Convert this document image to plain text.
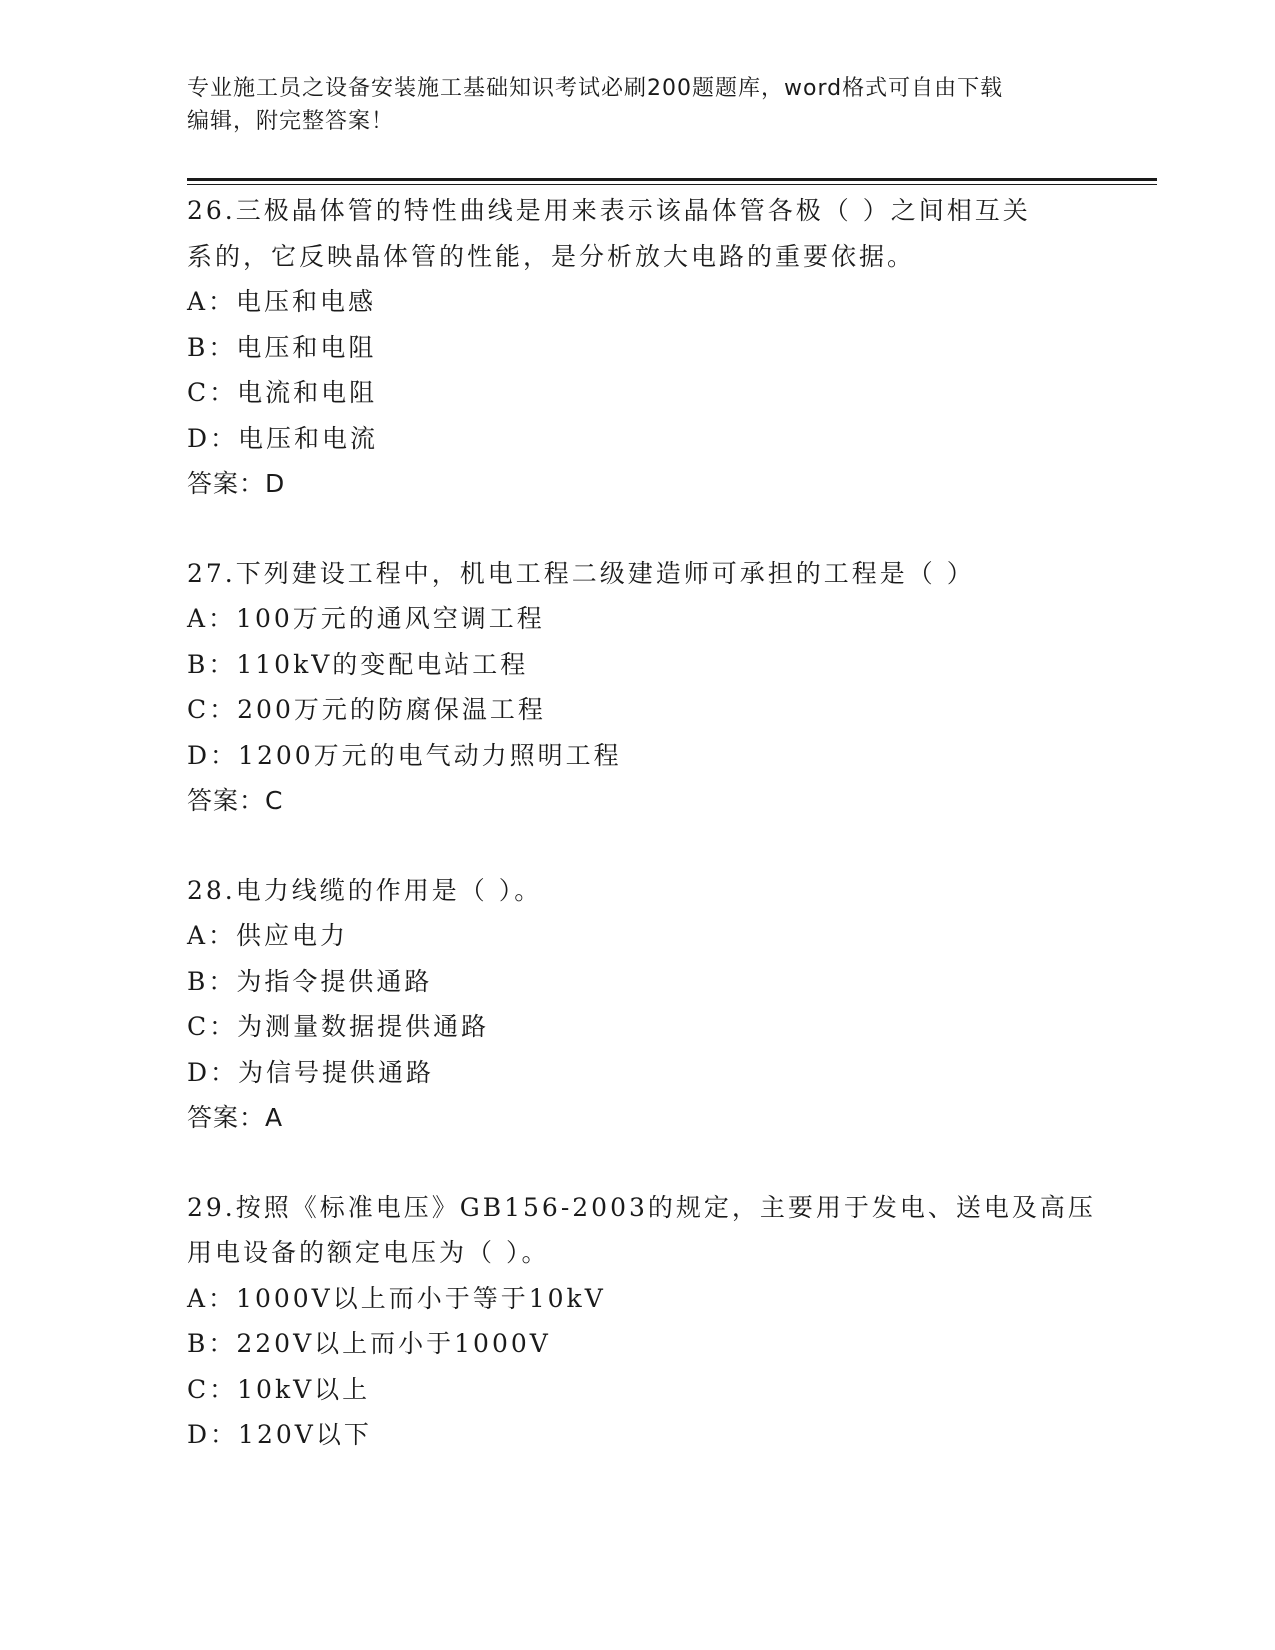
专业施工员之设备安装施工基础知识考试必刷200题题库，word格式可自由下载
编辑，附完整答案！
26.三极晶体管的特性曲线是用来表示该晶体管各极（ ）之间相互关
系的，它反映晶体管的性能，是分析放大电路的重要依据。
A：电压和电感
B：电压和电阻
C：电流和电阻
D：电压和电流
答案：D
27.下列建设工程中，机电工程二级建造师可承担的工程是（ ）
A：100万元的通风空调工程
B：110kV的变配电站工程
C：200万元的防腐保温工程
D：1200万元的电气动力照明工程
答案：C
28.电力线缆的作用是（ ）。
A：供应电力
B：为指令提供通路
C：为测量数据提供通路
D：为信号提供通路
答案：A
29.按照《标准电压》GB156-2003的规定，主要用于发电、送电及高压
用电设备的额定电压为（ ）。
A：1000V以上而小于等于10kV
B：220V以上而小于1000V
C：10kV以上
D：120V以下
